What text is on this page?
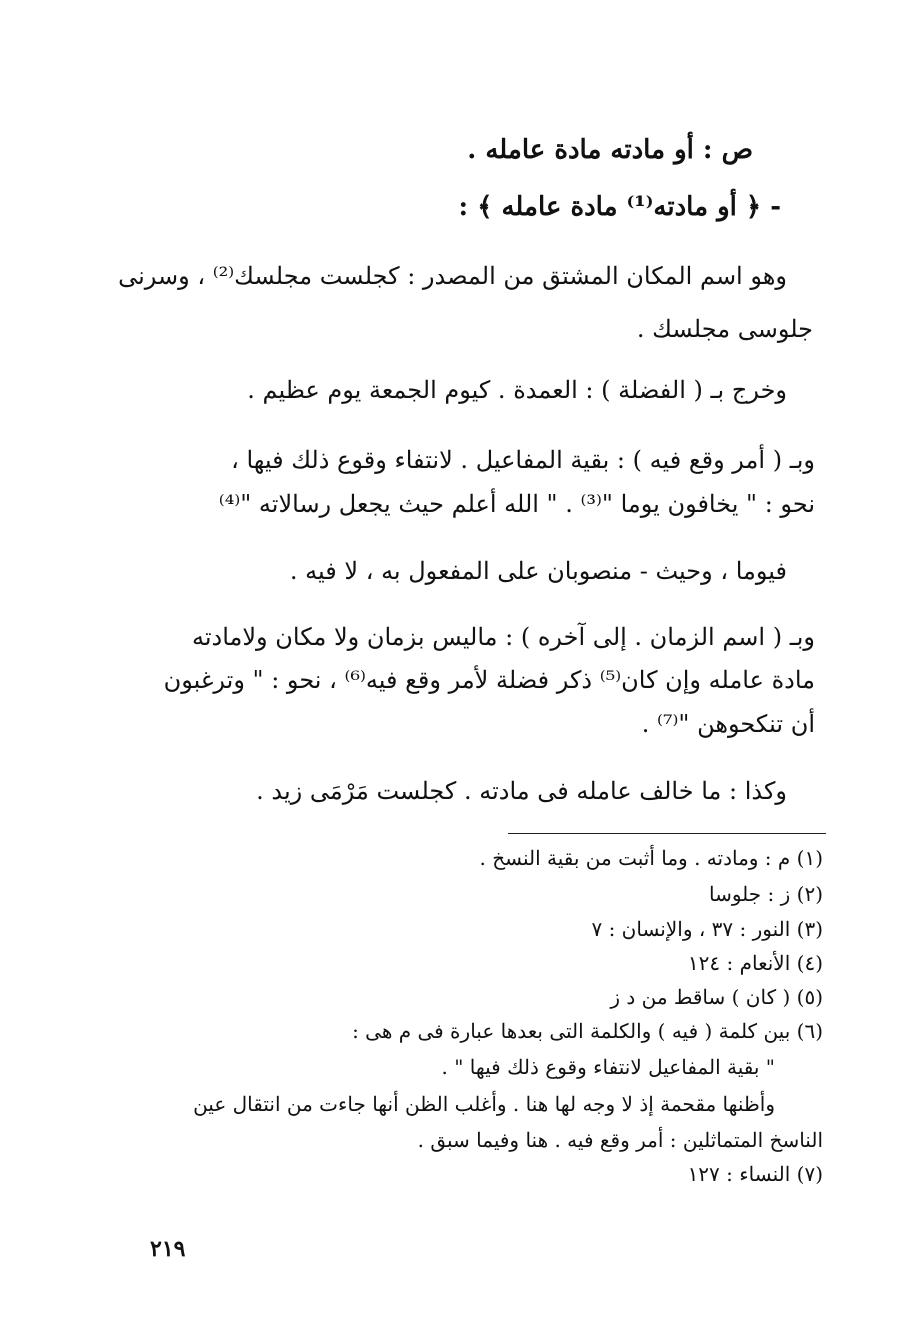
ص : أو مادته مادة عامله .
- ﴿ أو مادته⁽¹⁾ مادة عامله ﴾ :
وهو اسم المكان المشتق من المصدر : كجلست مجلسك⁽²⁾ ، وسرنى
جلوسى مجلسك .
وخرج بـ ( الفضلة ) : العمدة . كيوم الجمعة يوم عظيم .
وبـ ( أمر وقع فيه ) : بقية المفاعيل . لانتفاء وقوع ذلك فيها ،
نحو : " يخافون يوما "⁽³⁾ . " الله أعلم حيث يجعل رسالاته "⁽⁴⁾
فيوما ، وحيث - منصوبان على المفعول به ، لا فيه .
وبـ ( اسم الزمان . إلى آخره ) : ماليس بزمان ولا مكان ولامادته
مادة عامله وإن كان⁽⁵⁾ ذكر فضلة لأمر وقع فيه⁽⁶⁾ ، نحو : " وترغبون
أن تنكحوهن "⁽⁷⁾ .
وكذا : ما خالف عامله فى مادته . كجلست مَرْمَى زيد .
(١) م : ومادته . وما أثبت من بقية النسخ .
(٢) ز : جلوسا
(٣) النور : ٣٧ ، والإنسان : ٧
(٤) الأنعام : ١٢٤
(٥) ( كان ) ساقط من د ز
(٦) بين كلمة ( فيه ) والكلمة التى بعدها عبارة فى م هى :
" بقية المفاعيل لانتفاء وقوع ذلك فيها " .
وأظنها مقحمة إذ لا وجه لها هنا . وأغلب الظن أنها جاءت من انتقال عين
الناسخ المتماثلين : أمر وقع فيه . هنا وفيما سبق .
(٧) النساء : ١٢٧
٢١٩
